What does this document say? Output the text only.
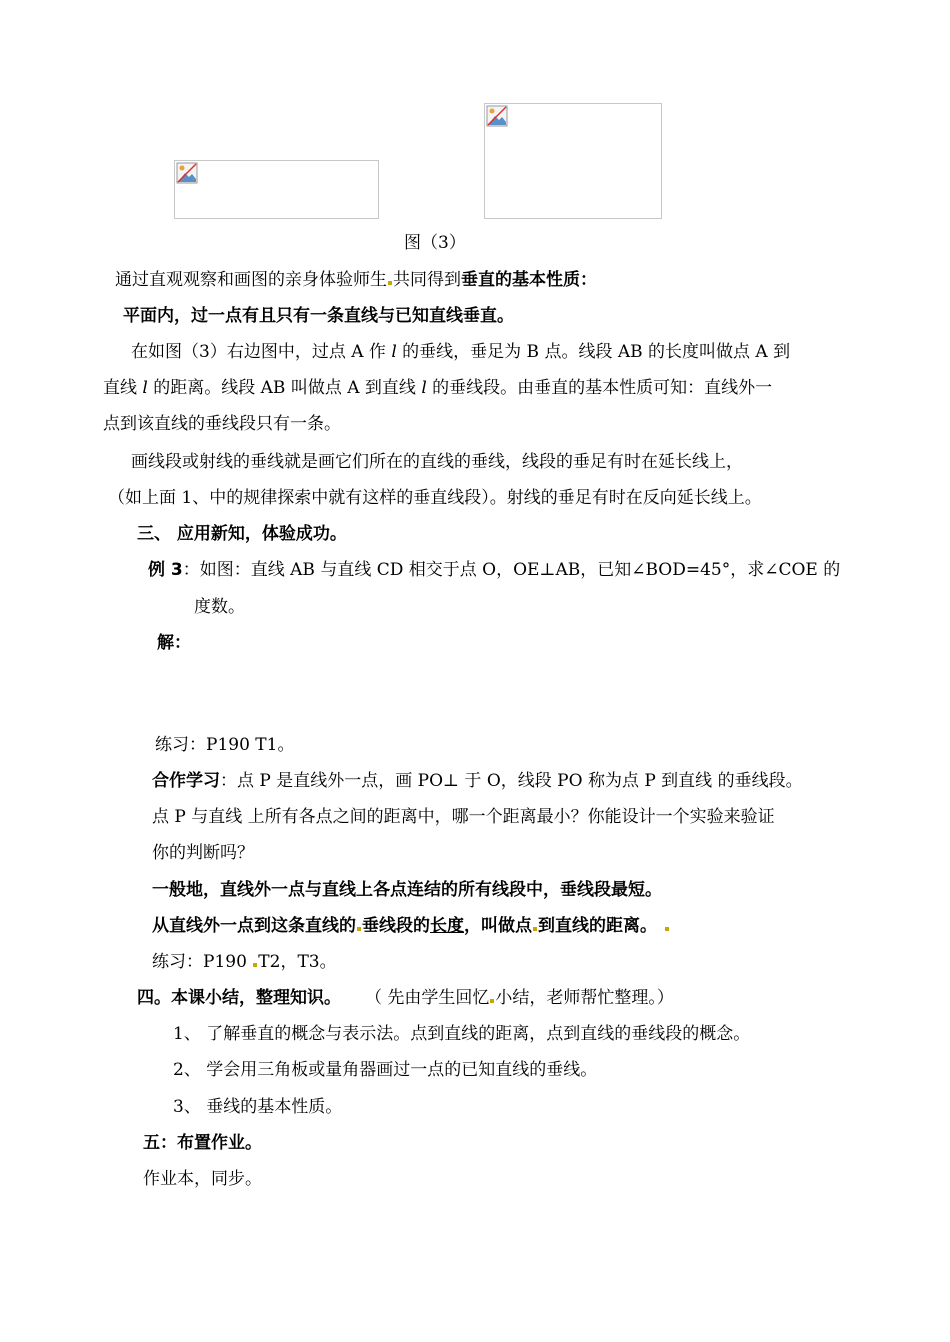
图（3）
通过直观观察和画图的亲身体验师生 共同得到垂直的基本性质：
平面内，过一点有且只有一条直线与已知直线垂直。
在如图（3）右边图中，过点 A 作 l 的垂线，垂足为 B 点。线段 AB 的长度叫做点 A 到
直线 l 的距离。线段 AB 叫做点 A 到直线 l 的垂线段。由垂直的基本性质可知：直线外一
点到该直线的垂线段只有一条。
画线段或射线的垂线就是画它们所在的直线的垂线，线段的垂足有时在延长线上，
（如上面 1、中的规律探索中就有这样的垂直线段）。射线的垂足有时在反向延长线上。
三、 应用新知，体验成功。
例 3：如图：直线 AB 与直线 CD 相交于点 O，OE⊥AB，已知∠BOD=45°，求∠COE 的
度数。
解：
练习：P190 T1。
合作学习：点 P 是直线外一点，画 PO⊥ 于 O，线段 PO 称为点 P 到直线 的垂线段。
点 P 与直线 上所有各点之间的距离中，哪一个距离最小？你能设计一个实验来验证
你的判断吗？
一般地，直线外一点与直线上各点连结的所有线段中，垂线段最短。
从直线外一点到这条直线的 垂线段的长度，叫做点 到直线的距离。
练习：P190 T2，T3。
四。本课小结，整理知识。 （ 先由学生回忆 小结，老师帮忙整理。）
1、 了解垂直的概念与表示法。点到直线的距离，点到直线的垂线段的概念。
2、 学会用三角板或量角器画过一点的已知直线的垂线。
3、 垂线的基本性质。
五：布置作业。
作业本，同步。
